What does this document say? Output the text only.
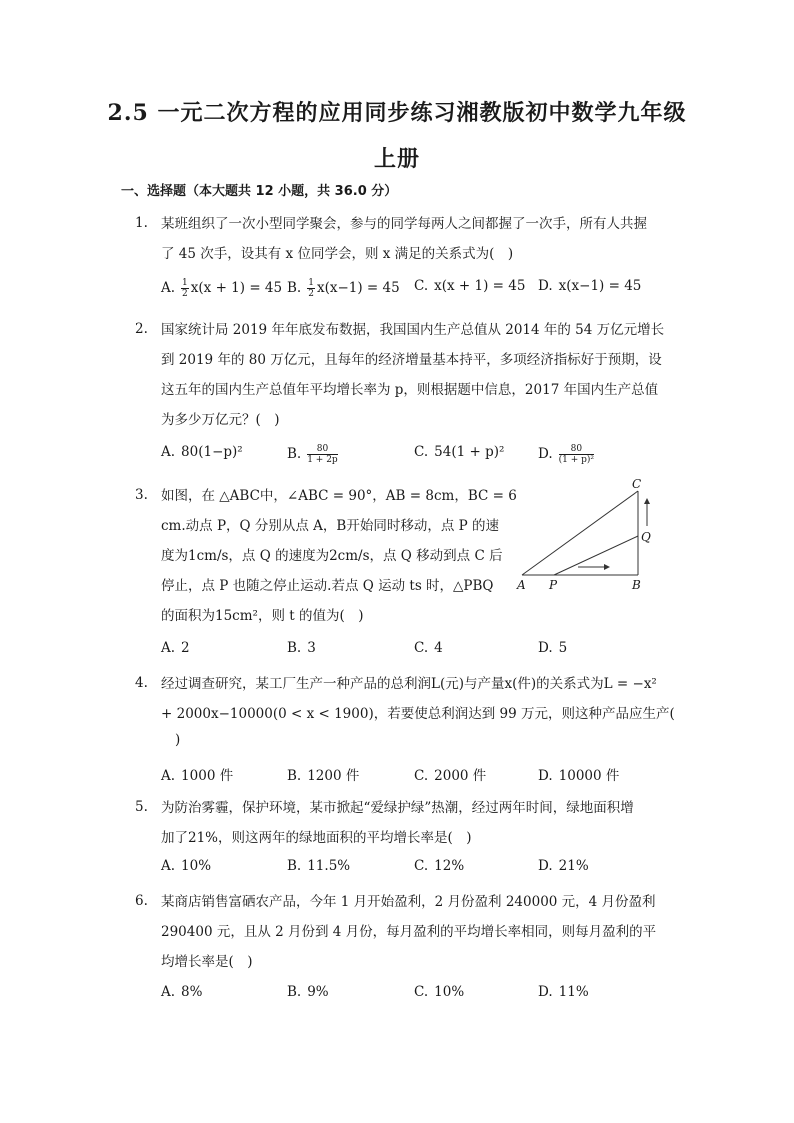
2.5 一元二次方程的应用同步练习湘教版初中数学九年级
上册
一、选择题（本大题共 12 小题，共 36.0 分）
1. 某班组织了一次小型同学聚会，参与的同学每两人之间都握了一次手，所有人共握
了 45 次手，设其有 x 位同学会，则 x 满足的关系式为(　)
A. $\frac{1}{2} x(x + 1) = 45$ B. $\frac{1}{2} x(x-1) = 45$ C. x(x + 1) = 45 D. x(x−1) = 45
2. 国家统计局 2019 年年底发布数据，我国国内生产总值从 2014 年的 54 万亿元增长
到 2019 年的 80 万亿元，且每年的经济增量基本持平，多项经济指标好于预期，设
这五年的国内生产总值年平均增长率为 p，则根据题中信息，2017 年国内生产总值
为多少万亿元？(　)
A. 80(1−p)²	B. $\frac{80}{1 + 2p}$	C. 54(1 + p)² D. $\frac{80}{\text{(1 + p)²}}$
3. 如图，在 △ABC中，∠ABC = 90°，AB = 8cm，BC = 6
cm.动点 P，Q 分别从点 A，B开始同时移动，点 P 的速
度为1cm/s，点 Q 的速度为2cm/s，点 Q 移动到点 C 后
停止，点 P 也随之停止运动.若点 Q 运动 ts 时，△PBQ
的面积为15cm²，则 t 的值为(　)
A. 2	B. 3	C. 4	D. 5
A P	B
Q
C
4. 经过调查研究，某工厂生产一种产品的总利润L(元)与产量x(件)的关系式为L = −x²
+ 2000x−10000(0 < x < 1900)，若要使总利润达到 99 万元，则这种产品应生产(
)
A. 1000 件	B. 1200 件	C. 2000 件	D. 10000 件
5. 为防治雾霾，保护环境，某市掀起“爱绿护绿”热潮，经过两年时间，绿地面积增
加了21%，则这两年的绿地面积的平均增长率是(　)
A. 10%	B. 11.5%	C. 12%	D. 21%
6. 某商店销售富硒农产品，今年 1 月开始盈利，2 月份盈利 240000 元，4 月份盈利
290400 元，且从 2 月份到 4 月份，每月盈利的平均增长率相同，则每月盈利的平
均增长率是(　)
A. 8%	B. 9%	C. 10%	D. 11%
